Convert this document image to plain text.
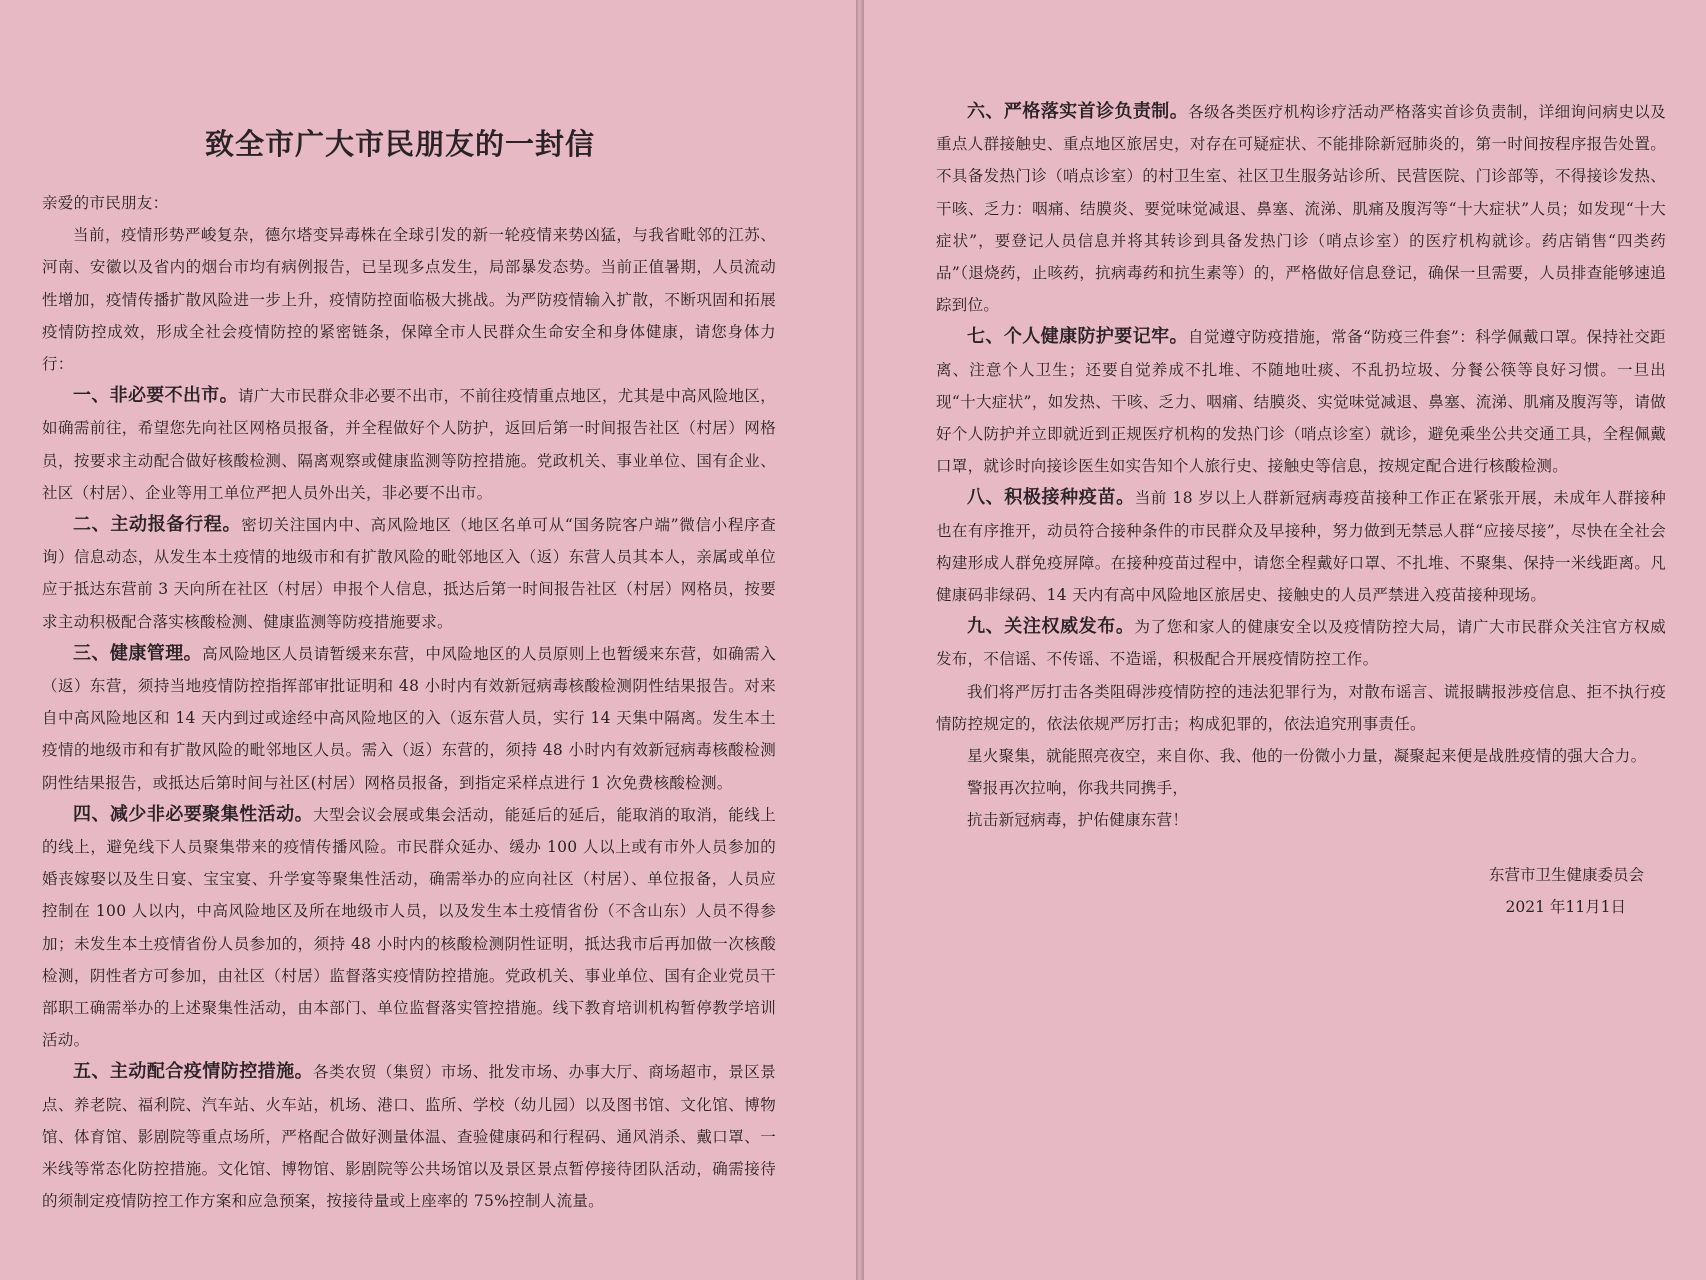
致全市广大市民朋友的一封信

亲爱的市民朋友：

当前，疫情形势严峻复杂，德尔塔变异毒株在全球引发的新一轮疫情来势凶猛，与我省毗邻的江苏、河南、安徽以及省内的烟台市均有病例报告，已呈现多点发生，局部暴发态势。当前正值暑期，人员流动性增加，疫情传播扩散风险进一步上升，疫情防控面临极大挑战。为严防疫情输入扩散，不断巩固和拓展疫情防控成效，形成全社会疫情防控的紧密链条，保障全市人民群众生命安全和身体健康，请您身体力行：

一、非必要不出市。请广大市民群众非必要不出市，不前往疫情重点地区，尤其是中高风险地区，如确需前往，希望您先向社区网格员报备，并全程做好个人防护，返回后第一时间报告社区（村居）网格员，按要求主动配合做好核酸检测、隔离观察或健康监测等防控措施。党政机关、事业单位、国有企业、社区（村居）、企业等用工单位严把人员外出关，非必要不出市。

二、主动报备行程。密切关注国内中、高风险地区（地区名单可从“国务院客户端”微信小程序查询）信息动态，从发生本土疫情的地级市和有扩散风险的毗邻地区入（返）东营人员其本人，亲属或单位应于抵达东营前 3 天向所在社区（村居）申报个人信息，抵达后第一时间报告社区（村居）网格员，按要求主动积极配合落实核酸检测、健康监测等防疫措施要求。

三、健康管理。高风险地区人员请暂缓来东营，中风险地区的人员原则上也暂缓来东营，如确需入（返）东营，须持当地疫情防控指挥部审批证明和 48 小时内有效新冠病毒核酸检测阴性结果报告。对来自中高风险地区和 14 天内到过或途经中高风险地区的入（返东营人员，实行 14 天集中隔离。发生本土疫情的地级市和有扩散风险的毗邻地区人员。需入（返）东营的，须持 48 小时内有效新冠病毒核酸检测阴性结果报告，或抵达后第时间与社区(村居）网格员报备，到指定采样点进行 1 次免费核酸检测。

四、减少非必要聚集性活动。大型会议会展或集会活动，能延后的延后，能取消的取消，能线上的线上，避免线下人员聚集带来的疫情传播风险。市民群众延办、缓办 100 人以上或有市外人员参加的婚丧嫁娶以及生日宴、宝宝宴、升学宴等聚集性活动，确需举办的应向社区（村居）、单位报备，人员应控制在 100 人以内，中高风险地区及所在地级市人员，以及发生本土疫情省份（不含山东）人员不得参加；未发生本土疫情省份人员参加的，须持 48 小时内的核酸检测阴性证明，抵达我市后再加做一次核酸检测，阴性者方可参加，由社区（村居）监督落实疫情防控措施。党政机关、事业单位、国有企业党员干部职工确需举办的上述聚集性活动，由本部门、单位监督落实管控措施。线下教育培训机构暂停教学培训活动。

五、主动配合疫情防控措施。各类农贸（集贸）市场、批发市场、办事大厅、商场超市，景区景点、养老院、福利院、汽车站、火车站，机场、港口、监所、学校（幼儿园）以及图书馆、文化馆、博物馆、体育馆、影剧院等重点场所，严格配合做好测量体温、查验健康码和行程码、通风消杀、戴口罩、一米线等常态化防控措施。文化馆、博物馆、影剧院等公共场馆以及景区景点暂停接待团队活动，确需接待的须制定疫情防控工作方案和应急预案，按接待量或上座率的 75%控制人流量。

六、严格落实首诊负责制。各级各类医疗机构诊疗活动严格落实首诊负责制，详细询问病史以及重点人群接触史、重点地区旅居史，对存在可疑症状、不能排除新冠肺炎的，第一时间按程序报告处置。不具备发热门诊（哨点诊室）的村卫生室、社区卫生服务站诊所、民营医院、门诊部等，不得接诊发热、干咳、乏力：咽痛、结膜炎、要觉味觉减退、鼻塞、流涕、肌痛及腹泻等“十大症状”人员；如发现“十大症状”，要登记人员信息并将其转诊到具备发热门诊（哨点诊室）的医疗机构就诊。药店销售“四类药品”（退烧药，止咳药，抗病毒药和抗生素等）的，严格做好信息登记，确保一旦需要，人员排查能够速追踪到位。

七、个人健康防护要记牢。自觉遵守防疫措施，常备“防疫三件套”：科学佩戴口罩。保持社交距离、注意个人卫生；还要自觉养成不扎堆、不随地吐痰、不乱扔垃圾、分餐公筷等良好习惯。一旦出现“十大症状”，如发热、干咳、乏力、咽痛、结膜炎、实觉味觉减退、鼻塞、流涕、肌痛及腹泻等，请做好个人防护并立即就近到正规医疗机构的发热门诊（哨点诊室）就诊，避免乘坐公共交通工具，全程佩戴口罩，就诊时向接诊医生如实告知个人旅行史、接触史等信息，按规定配合进行核酸检测。

八、积极接种疫苗。当前 18 岁以上人群新冠病毒疫苗接种工作正在紧张开展，未成年人群接种也在有序推开，动员符合接种条件的市民群众及早接种，努力做到无禁忌人群“应接尽接”，尽快在全社会构建形成人群免疫屏障。在接种疫苗过程中，请您全程戴好口罩、不扎堆、不聚集、保持一米线距离。凡健康码非绿码、14 天内有高中风险地区旅居史、接触史的人员严禁进入疫苗接种现场。

九、关注权威发布。为了您和家人的健康安全以及疫情防控大局，请广大市民群众关注官方权威发布，不信谣、不传谣、不造谣，积极配合开展疫情防控工作。

我们将严厉打击各类阻碍涉疫情防控的违法犯罪行为，对散布谣言、谎报瞒报涉疫信息、拒不执行疫情防控规定的，依法依规严厉打击；构成犯罪的，依法追究刑事责任。

星火聚集，就能照亮夜空，来自你、我、他的一份微小力量，凝聚起来便是战胜疫情的强大合力。

警报再次拉响，你我共同携手，

抗击新冠病毒，护佑健康东营！

东营市卫生健康委员会
2021 年11月1日
